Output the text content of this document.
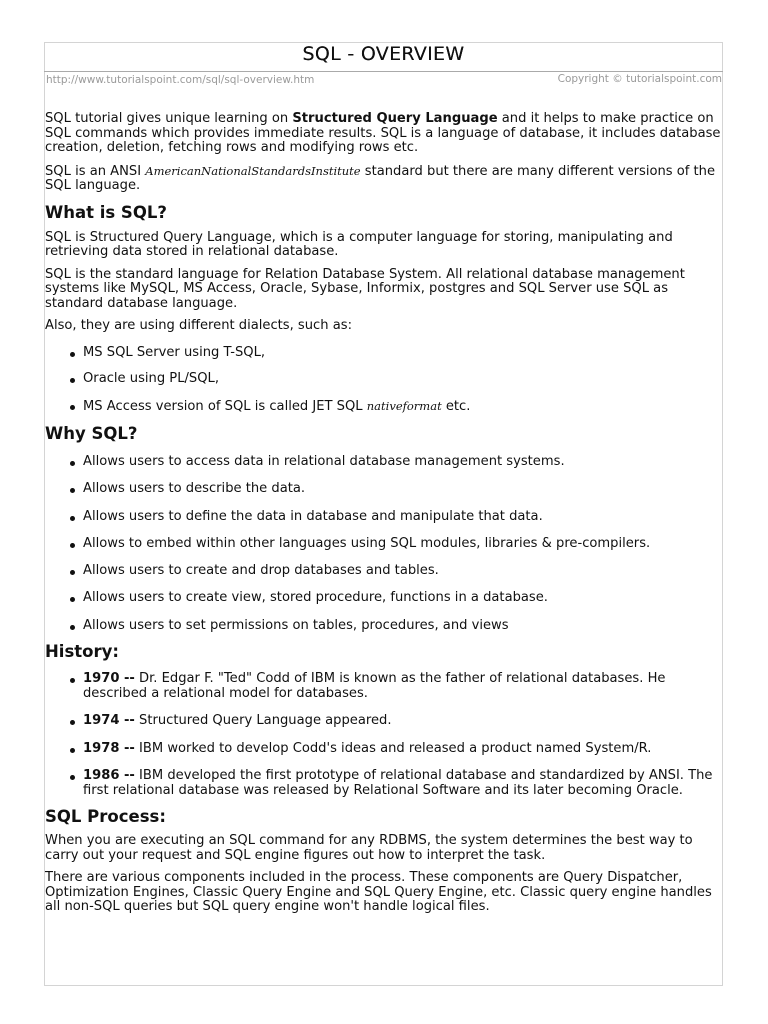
SQL - OVERVIEW
http://www.tutorialspoint.com/sql/sql-overview.htm	Copyright © tutorialspoint.com

SQL tutorial gives unique learning on Structured Query Language and it helps to make practice on SQL commands which provides immediate results. SQL is a language of database, it includes database creation, deletion, fetching rows and modifying rows etc.

SQL is an ANSI AmericanNationalStandardsInstitute standard but there are many different versions of the SQL language.

What is SQL?

SQL is Structured Query Language, which is a computer language for storing, manipulating and retrieving data stored in relational database.

SQL is the standard language for Relation Database System. All relational database management systems like MySQL, MS Access, Oracle, Sybase, Informix, postgres and SQL Server use SQL as standard database language.

Also, they are using different dialects, such as:

MS SQL Server using T-SQL,
Oracle using PL/SQL,
MS Access version of SQL is called JET SQL nativeformat etc.
Why SQL?
Allows users to access data in relational database management systems.
Allows users to describe the data.
Allows users to define the data in database and manipulate that data.
Allows to embed within other languages using SQL modules, libraries & pre-compilers.
Allows users to create and drop databases and tables.
Allows users to create view, stored procedure, functions in a database.
Allows users to set permissions on tables, procedures, and views
History:
1970 -- Dr. Edgar F. "Ted" Codd of IBM is known as the father of relational databases. He described a relational model for databases.
1974 -- Structured Query Language appeared.
1978 -- IBM worked to develop Codd's ideas and released a product named System/R.
1986 -- IBM developed the first prototype of relational database and standardized by ANSI. The first relational database was released by Relational Software and its later becoming Oracle.
SQL Process:

When you are executing an SQL command for any RDBMS, the system determines the best way to carry out your request and SQL engine figures out how to interpret the task.

There are various components included in the process. These components are Query Dispatcher, Optimization Engines, Classic Query Engine and SQL Query Engine, etc. Classic query engine handles all non-SQL queries but SQL query engine won't handle logical files.
